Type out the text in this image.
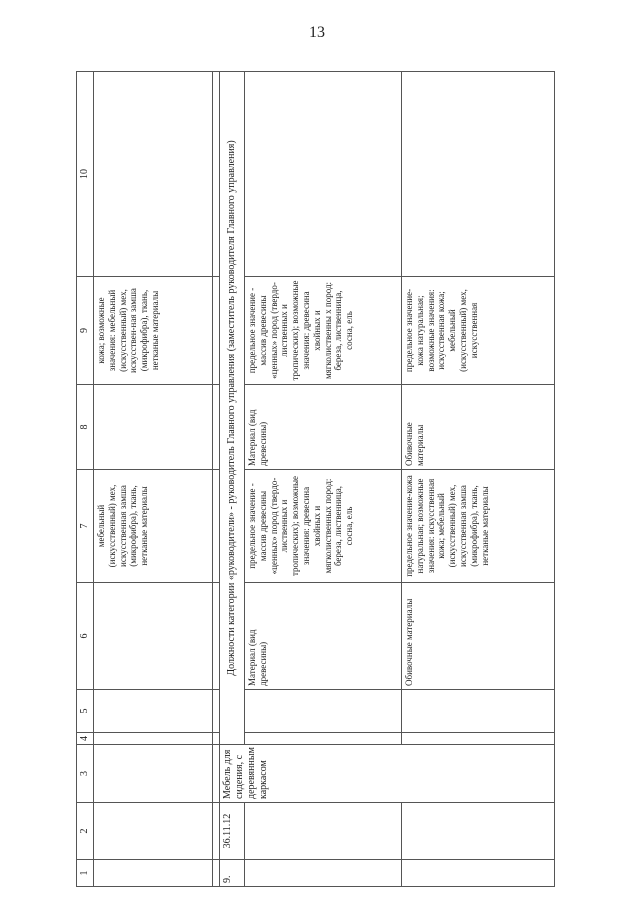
13
1	2	3	4	5	6	7	8	9	10
						мебельный (искусственный) мех, искусственная замша (микрофибра), ткань, нетканые материалы		кожа; возможные значения: мебельный (искусственный) мех, искусствен-ная замша (микрофибра), ткань, нетканые материалы	

9.	36.11.12	Мебель для сидения, с деревянным каркасом	Должности категории «руководители» - руководитель Главного управления (заместитель руководителя Главного управления)						
					Материал (вид древесины)	предельное значение - массив древесины «ценных» пород (твердо-лиственных и тропических); возможные значения: древесина хвойных и мягколиственных пород: береза, лиственница, сосна, ель	Материал (вид древесины)	предельное значение - массив древесины «ценных» пород (твердо-лиственных и тропических); возможные значения: древесина хвойных и мягколиственны х пород: береза, лиственница, сосна, ель	
					Обивочные материалы	предельное значение-кожа натуральная; возможные значения: искусственная кожа; мебельный (искусственный) мех, искусственная замша (микрофибра), ткань, нетканые материалы	Обивочные материалы	предельное значение-кожа натуральная; возможные значения: искусственная кожа; мебельный (искусственный) мех, искусственная	
